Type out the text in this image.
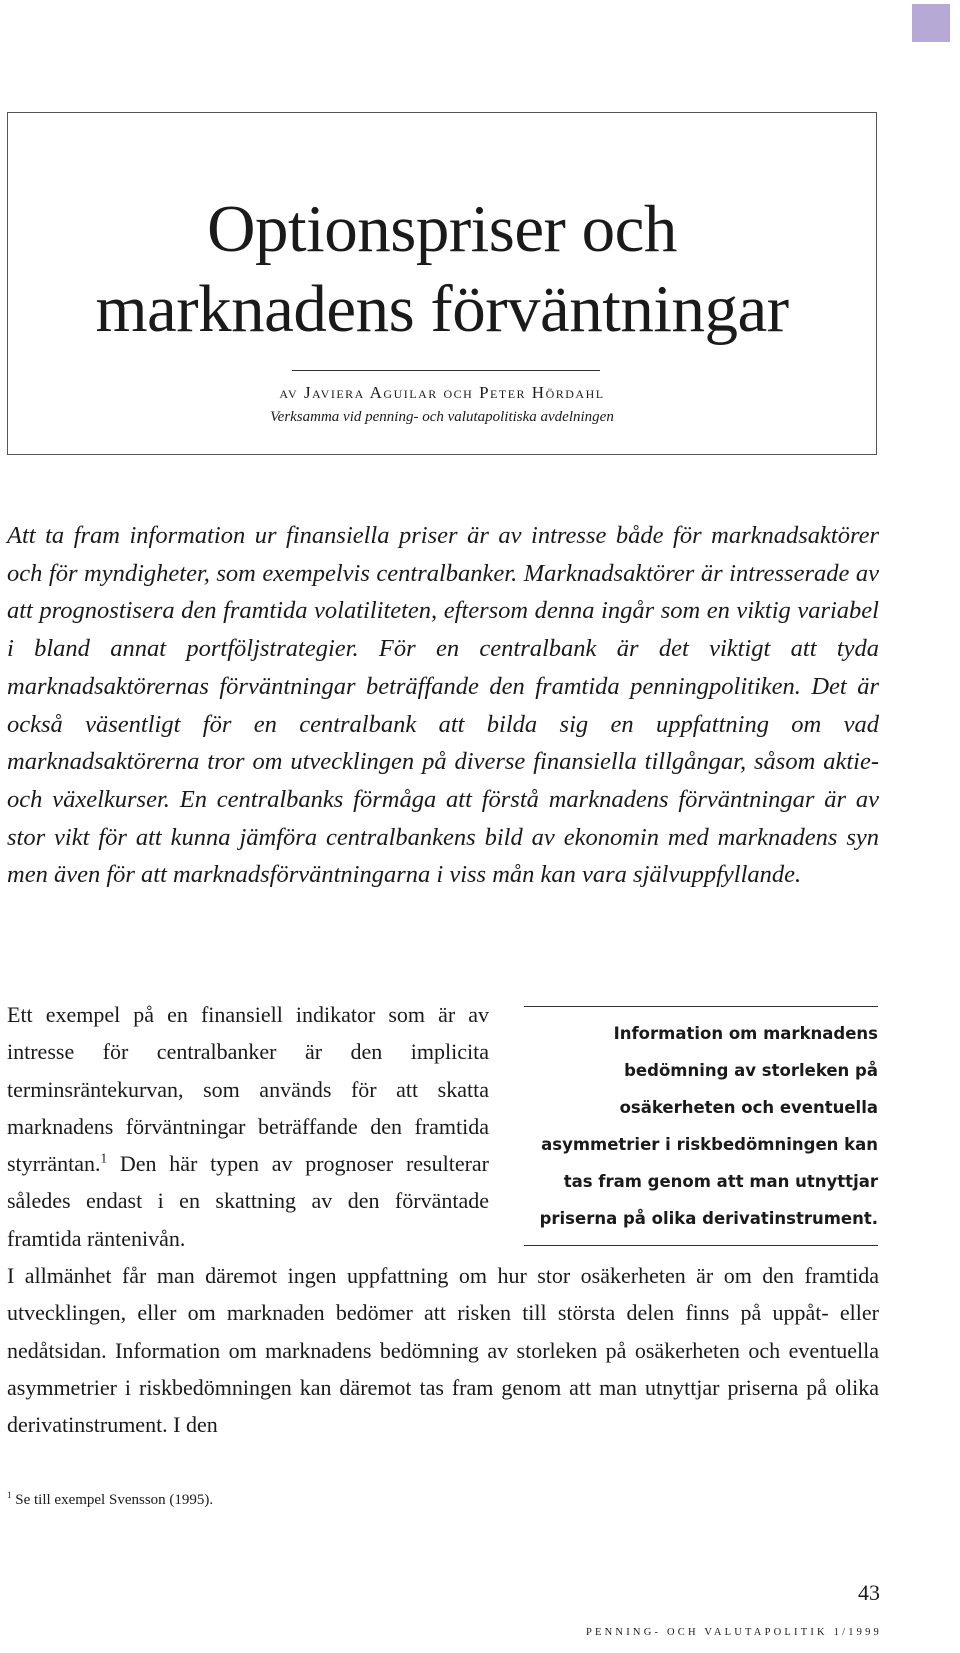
Optionspriser och
marknadens förväntningar
av Javiera Aguilar och Peter Hördahl
Verksamma vid penning- och valutapolitiska avdelningen

Att ta fram information ur finansiella priser är av intresse både för marknadsaktörer och för myndigheter, som exempelvis centralbanker. Marknadsaktörer är intresserade av att prognostisera den framtida volatiliteten, eftersom denna ingår som en viktig variabel i bland annat portföljstrategier. För en centralbank är det viktigt att tyda marknadsaktörernas förväntningar beträffande den framtida penningpolitiken. Det är också väsentligt för en centralbank att bilda sig en uppfattning om vad marknadsaktörerna tror om utvecklingen på diverse finansiella tillgångar, såsom aktie- och växelkurser. En centralbanks förmåga att förstå marknadens förväntningar är av stor vikt för att kunna jämföra centralbankens bild av ekonomin med marknadens syn men även för att marknadsförväntningarna i viss mån kan vara självuppfyllande.

Ett exempel på en finansiell indikator som är av intresse för centralbanker är den implicita terminsräntekurvan, som används för att skatta marknadens förväntningar beträffande den framtida styrräntan.$^1$ Den här typen av prognoser resulterar således endast i en skattning av den förväntade framtida räntenivån.

Information om marknadens
bedömning av storleken på
osäkerheten och eventuella
asymmetrier i riskbedömningen kan
tas fram genom att man utnyttjar
priserna på olika derivatinstrument.

I allmänhet får man däremot ingen uppfattning om hur stor osäkerheten är om den framtida utvecklingen, eller om marknaden bedömer att risken till största delen finns på uppåt- eller nedåtsidan. Information om marknadens bedömning av storleken på osäkerheten och eventuella asymmetrier i riskbedömningen kan däremot tas fram genom att man utnyttjar priserna på olika derivatinstrument. I den

$^1$ Se till exempel Svensson (1995).
43
PENNING- OCH VALUTAPOLITIK 1/1999
